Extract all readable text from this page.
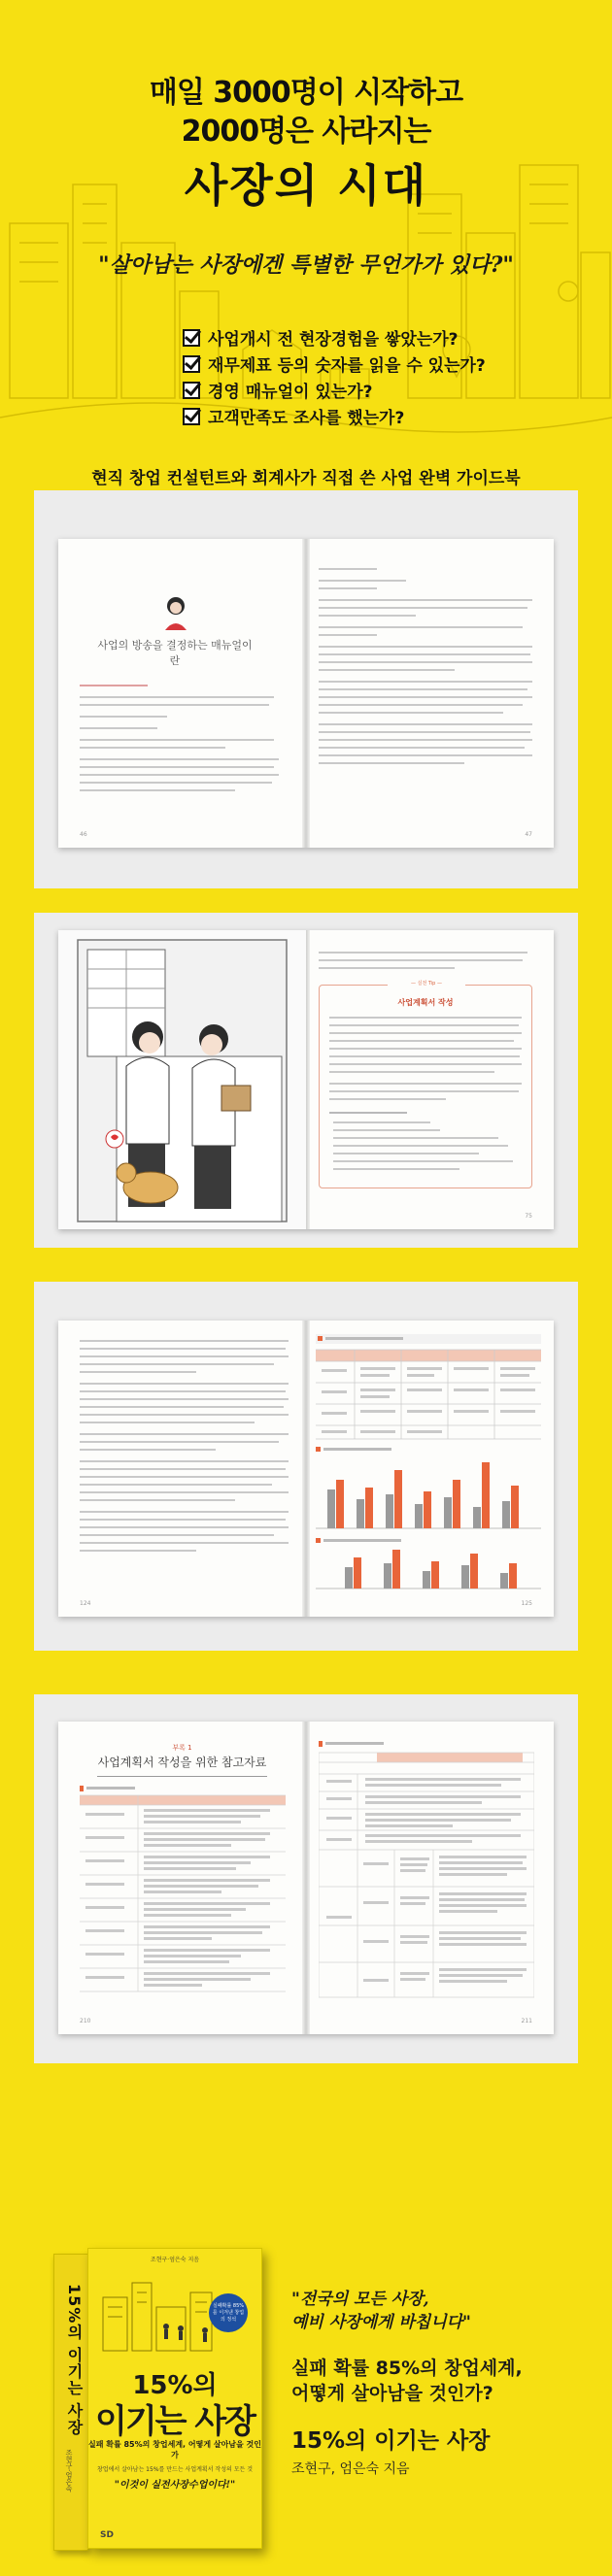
매일 3000명이 시작하고
2000명은 사라지는
사장의 시대
"살아남는 사장에겐 특별한 무언가가 있다?"
사업개시 전 현장경험을 쌓았는가?
재무제표 등의 숫자를 읽을 수 있는가?
경영 매뉴얼이 있는가?
고객만족도 조사를 했는가?
현직 창업 컨설턴트와 회계사가 직접 쓴 사업 완벽 가이드북
사업의 방송을 결정하는 매뉴얼이란
46	47
— 실전 Tip —
사업계획서 작성
75
124	125
부록 1
사업계획서 작성을 위한 참고자료
210	211
15%의 이기는 사장
조현구·엄은숙
조현구·엄은숙 지음
실패확률 85%를 이겨낸 창업의 정석
15%의
이기는 사장
실패 확률 85%의 창업세계, 어떻게 살아남을 것인가
창업에서 살아남는 15%를 만드는 사업계획서 작성의 모든 것
"이것이 실전사장수업이다!"
SD
"전국의 모든 사장,
예비 사장에게 바칩니다"
실패 확률 85%의 창업세계,
어떻게 살아남을 것인가?
15%의 이기는 사장
조현구, 엄은숙 지음
